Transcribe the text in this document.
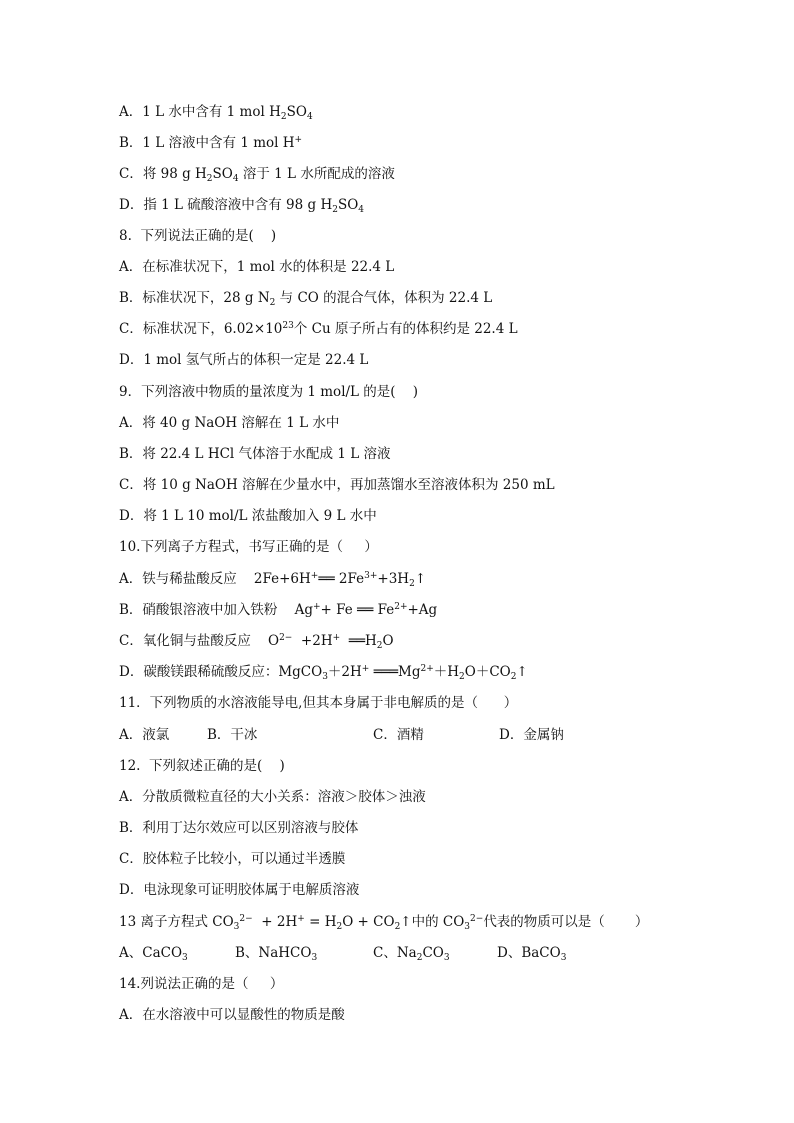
A．1 L 水中含有 1 mol $H_2SO_4$
B．1 L 溶液中含有 1 mol H+
C．将 98 g $H_2SO_4$ 溶于 1 L 水所配成的溶液
D．指 1 L 硫酸溶液中含有 98 g $H_2SO_4$
8.  下列说法正确的是(    )
A．在标准状况下，1 mol 水的体积是 22.4 L
B．标准状况下，28 g $N_2$ 与 CO 的混合气体，体积为 22.4 L
C．标准状况下，$6.02\times 10^{23}$个 Cu 原子所占有的体积约是 22.4 L
D．1 mol 氢气所占的体积一定是 22.4 L
9．下列溶液中物质的量浓度为 1 mol/L 的是(    )
A．将 40 g NaOH 溶解在 1 L 水中
B．将 22.4 L HCl 气体溶于水配成 1 L 溶液
C．将 10 g NaOH 溶解在少量水中，再加蒸馏水至溶液体积为 250 mL
D．将 1 L 10 mol/L 浓盐酸加入 9 L 水中
10.下列离子方程式，书写正确的是（     ）
A．铁与稀盐酸反应    2Fe+6H+══ $2Fe^{3+}+3H_2↑$
B．硝酸银溶液中加入铁粉    Ag++ Fe ══ $Fe^{2+}+Ag$
C．氧化铜与盐酸反应    $O^{2-} +2H^+$  $══H_2O$
D．碳酸镁跟稀硫酸反应：MgCO$_3$＋2H+ $═══Mg^{2+}+H_2O+CO_2↑$
11．下列物质的水溶液能导电,但其本身属于非电解质的是（      ）
A．液氯	B．干冰	C．酒精	D．金属钠
12.  下列叙述正确的是(    )
A．分散质微粒直径的大小关系：溶液＞胶体＞浊液
B．利用丁达尔效应可以区别溶液与胶体
C．胶体粒子比较小，可以通过半透膜
D．电泳现象可证明胶体属于电解质溶液
13 离子方程式 $CO_3^{2-} + 2H^+ = H_2O$ + $CO_2↑$中的 $CO_3^{2-}$代表的物质可以是（       ）
A、CaCO$_3$	B、NaHCO$_3$	C、$Na_2CO_3$	D、BaCO$_3$
14.列说法正确的是（     ）
A．在水溶液中可以显酸性的物质是酸
